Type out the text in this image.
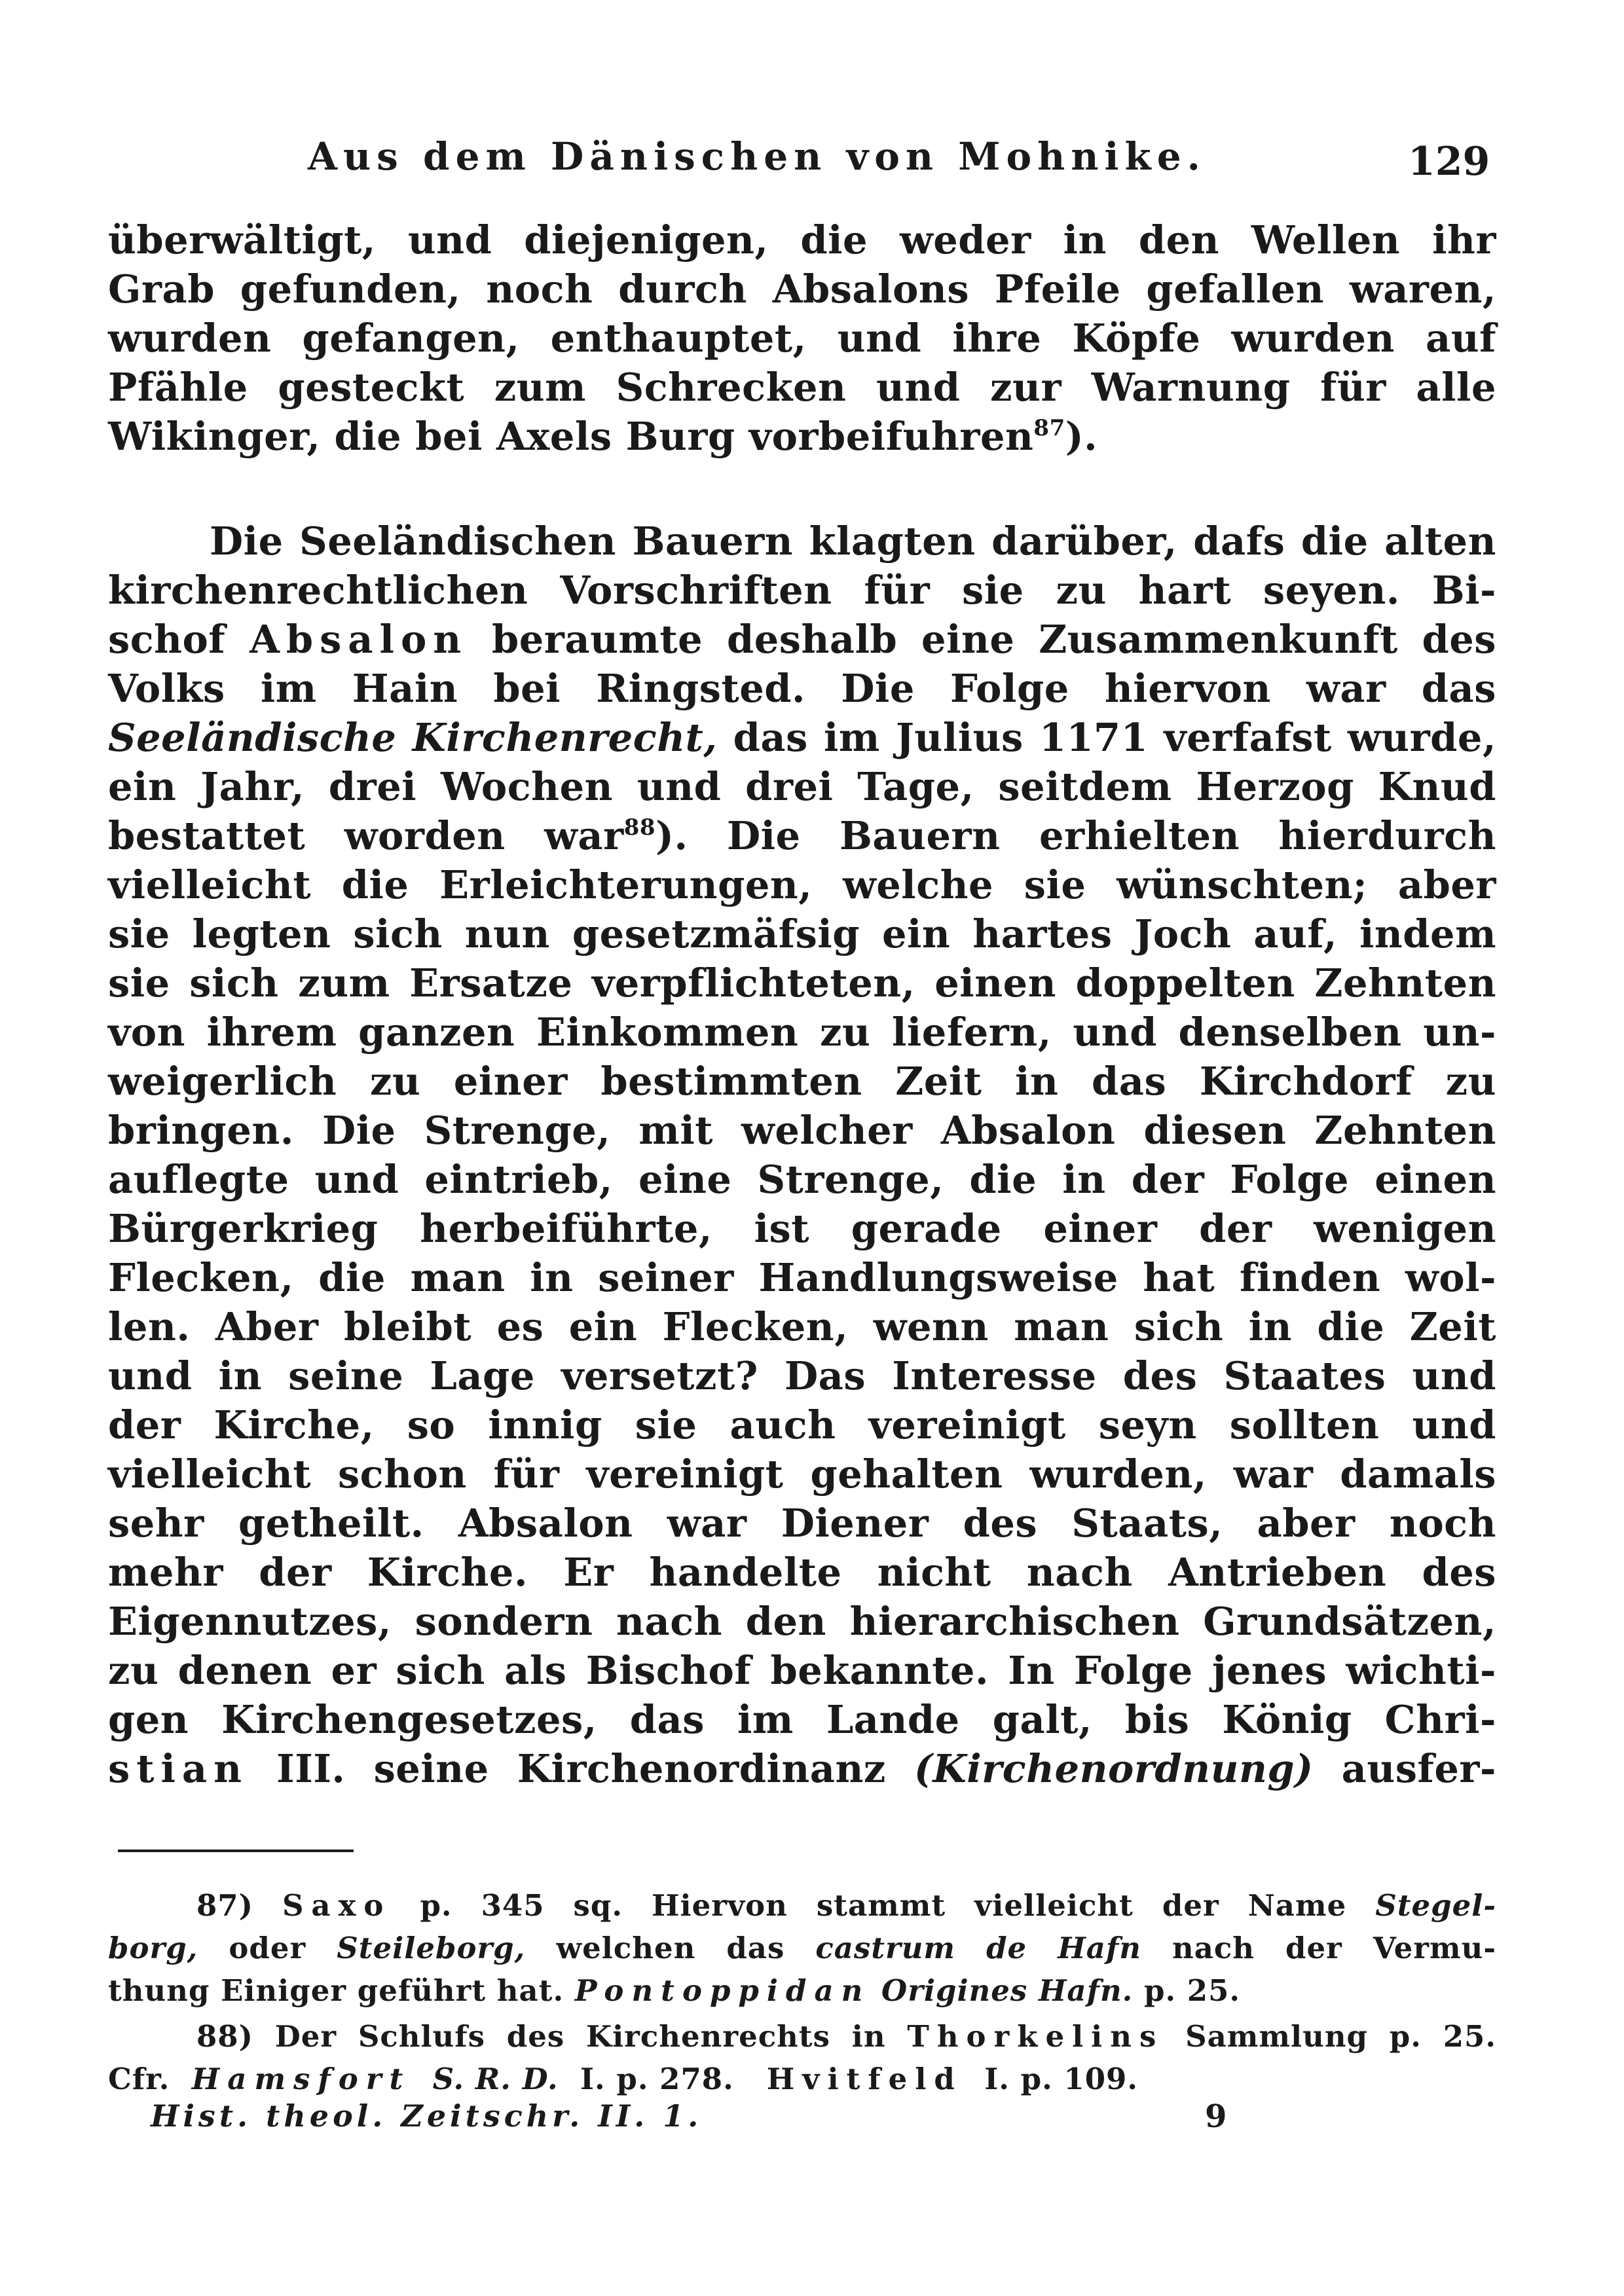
Aus dem Dänischen von Mohnike.	129
überwältigt, und diejenigen, die weder in den Wellen ihr
Grab gefunden, noch durch Absalons Pfeile gefallen waren,
wurden gefangen, enthauptet, und ihre Köpfe wurden auf
Pfähle gesteckt zum Schrecken und zur Warnung für alle
Wikinger, die bei Axels Burg vorbeifuhren$^{87}$).
Die Seeländischen Bauern klagten darüber, dafs die alten
kirchenrechtlichen Vorschriften für sie zu hart seyen. Bi-
schof Absalon beraumte deshalb eine Zusammenkunft des
Volks im Hain bei Ringsted. Die Folge hiervon war das
Seeländische Kirchenrecht, das im Julius 1171 verfafst wurde,
ein Jahr, drei Wochen und drei Tage, seitdem Herzog Knud
bestattet worden war$^{88}$). Die Bauern erhielten hierdurch
vielleicht die Erleichterungen, welche sie wünschten; aber
sie legten sich nun gesetzmäfsig ein hartes Joch auf, indem
sie sich zum Ersatze verpflichteten, einen doppelten Zehnten
von ihrem ganzen Einkommen zu liefern, und denselben un-
weigerlich zu einer bestimmten Zeit in das Kirchdorf zu
bringen. Die Strenge, mit welcher Absalon diesen Zehnten
auflegte und eintrieb, eine Strenge, die in der Folge einen
Bürgerkrieg herbeiführte, ist gerade einer der wenigen
Flecken, die man in seiner Handlungsweise hat finden wol-
len. Aber bleibt es ein Flecken, wenn man sich in die Zeit
und in seine Lage versetzt? Das Interesse des Staates und
der Kirche, so innig sie auch vereinigt seyn sollten und
vielleicht schon für vereinigt gehalten wurden, war damals
sehr getheilt. Absalon war Diener des Staats, aber noch
mehr der Kirche. Er handelte nicht nach Antrieben des
Eigennutzes, sondern nach den hierarchischen Grundsätzen,
zu denen er sich als Bischof bekannte. In Folge jenes wichti-
gen Kirchengesetzes, das im Lande galt, bis König Chri-
stian III. seine Kirchenordinanz (Kirchenordnung) ausfer-
87) Saxo p. 345 sq. Hiervon stammt vielleicht der Name Stegel-
borg, oder Steileborg, welchen das castrum de Hafn nach der Vermu-
thung Einiger geführt hat. Pontoppidan Origines Hafn. p. 25.
88) Der Schlufs des Kirchenrechts in Thorkelins Sammlung p. 25.
Cfr. Hamsfort S. R. D. I. p. 278. Hvitfeld I. p. 109.
Hist. theol. Zeitschr. II. 1.	9
